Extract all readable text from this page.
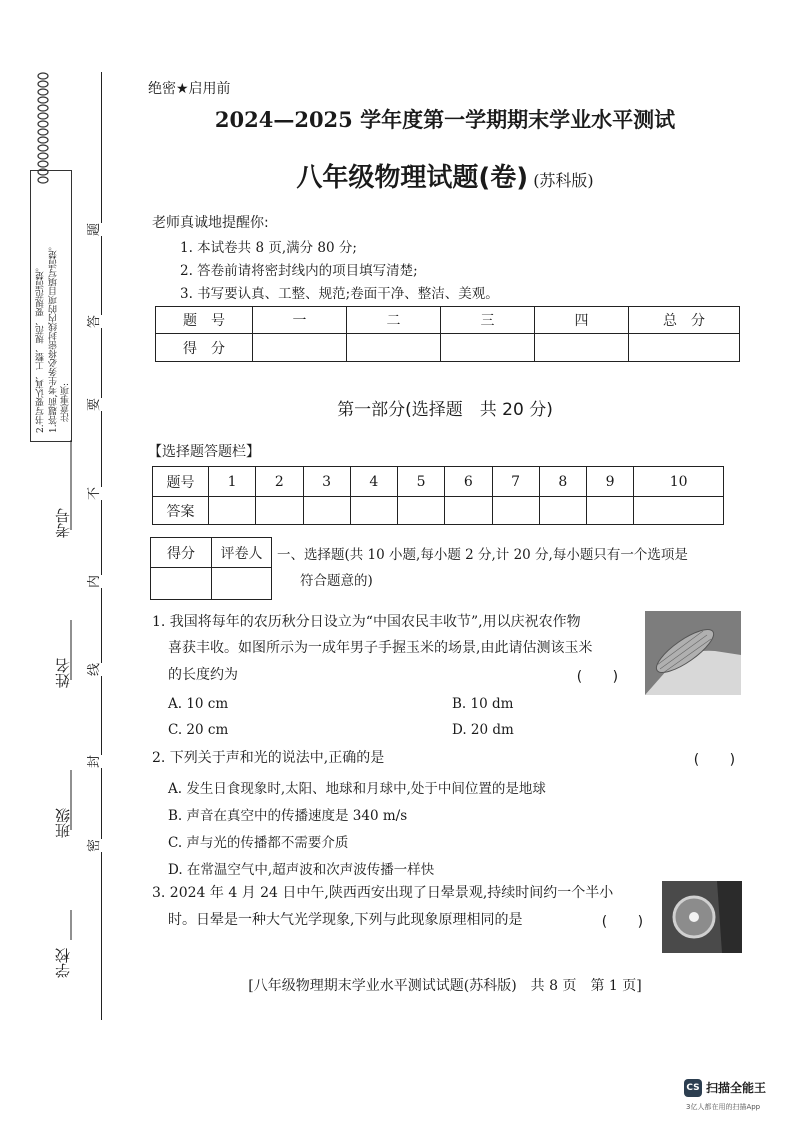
注意事项:
1.答题前,考生务必将密封线内的项目填写清楚。
2.书写要认真、工整、规范、要规范清楚。
考号
姓名
班级
学校
题
答
要
不
内
线
封
密
绝密★启用前
2024—2025 学年度第一学期期末学业水平测试
八年级物理试题(卷) (苏科版)
老师真诚地提醒你:
1. 本试卷共 8 页,满分 80 分;
2. 答卷前请将密封线内的项目填写清楚;
3. 书写要认真、工整、规范;卷面干净、整洁、美观。
题　号	一	二	三	四	总　分
得　分					
第一部分(选择题　共 20 分)
【选择题答题栏】
题号	1	2	3	4	5	6	7	8	9	10
答案										
得分	评卷人
	一、选择题(共 10 小题,每小题 2 分,计 20 分,每小题只有一个选项是
符合题意的)
1. 我国将每年的农历秋分日设立为“中国农民丰收节”,用以庆祝农作物
喜获丰收。如图所示为一成年男子手握玉米的场景,由此请估测该玉米
的长度约为	(　　)
A. 10 cm	B. 10 dm
C. 20 cm	D. 20 dm
2. 下列关于声和光的说法中,正确的是	(　　)
A. 发生日食现象时,太阳、地球和月球中,处于中间位置的是地球
B. 声音在真空中的传播速度是 340 m/s
C. 声与光的传播都不需要介质
D. 在常温空气中,超声波和次声波传播一样快
3. 2024 年 4 月 24 日中午,陕西西安出现了日晕景观,持续时间约一个半小
时。日晕是一种大气光学现象,下列与此现象原理相同的是	(　　)
[八年级物理期末学业水平测试试题(苏科版)　共 8 页　第 1 页]
CS 扫描全能王
3亿人都在用的扫描App
